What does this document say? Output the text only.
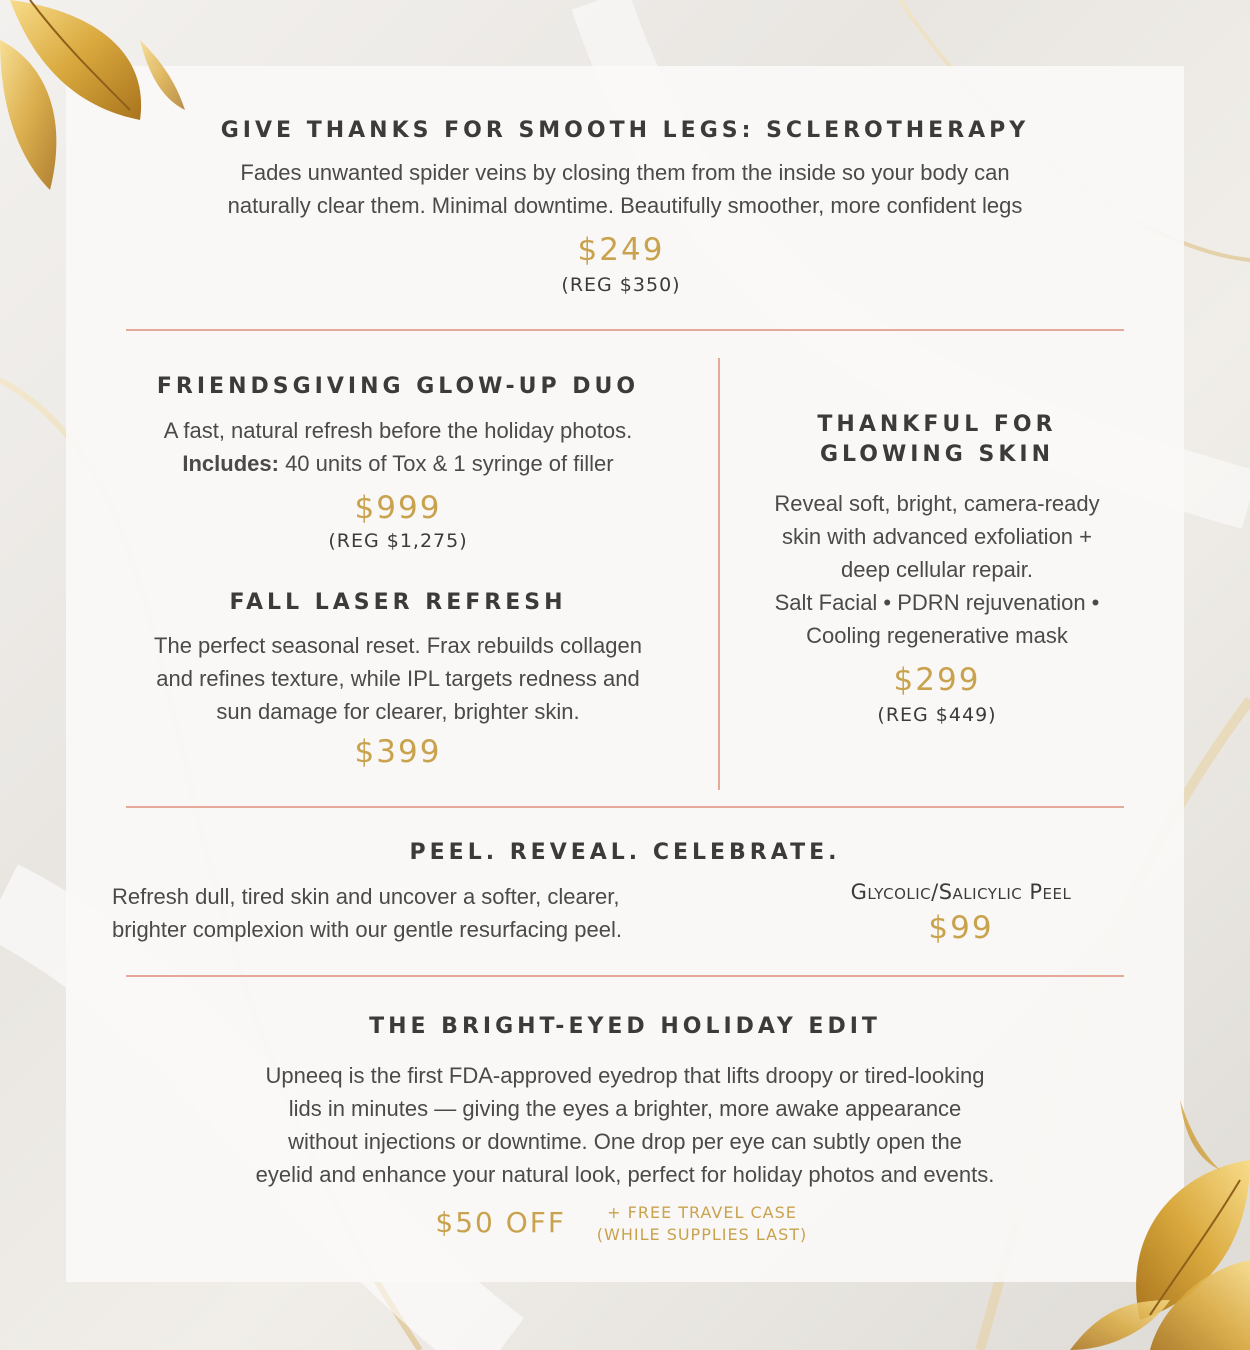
GIVE THANKS FOR SMOOTH LEGS: SCLEROTHERAPY
Fades unwanted spider veins by closing them from the inside so your body can
naturally clear them. Minimal downtime. Beautifully smoother, more confident legs
$249
(REG $350)
FRIENDSGIVING GLOW-UP DUO
A fast, natural refresh before the holiday photos.
Includes: 40 units of Tox & 1 syringe of filler
$999
(REG $1,275)
FALL LASER REFRESH
The perfect seasonal reset. Frax rebuilds collagen
and refines texture, while IPL targets redness and
sun damage for clearer, brighter skin.
$399
THANKFUL FOR
GLOWING SKIN
Reveal soft, bright, camera-ready
skin with advanced exfoliation +
deep cellular repair.
Salt Facial • PDRN rejuvenation •
Cooling regenerative mask
$299
(REG $449)
PEEL. REVEAL. CELEBRATE.
Refresh dull, tired skin and uncover a softer, clearer,
brighter complexion with our gentle resurfacing peel.
Glycolic/Salicylic Peel
$99
THE BRIGHT-EYED HOLIDAY EDIT
Upneeq is the first FDA-approved eyedrop that lifts droopy or tired-looking
lids in minutes — giving the eyes a brighter, more awake appearance
without injections or downtime. One drop per eye can subtly open the
eyelid and enhance your natural look, perfect for holiday photos and events.
$50 OFF	+ FREE TRAVEL CASE
(WHILE SUPPLIES LAST)
